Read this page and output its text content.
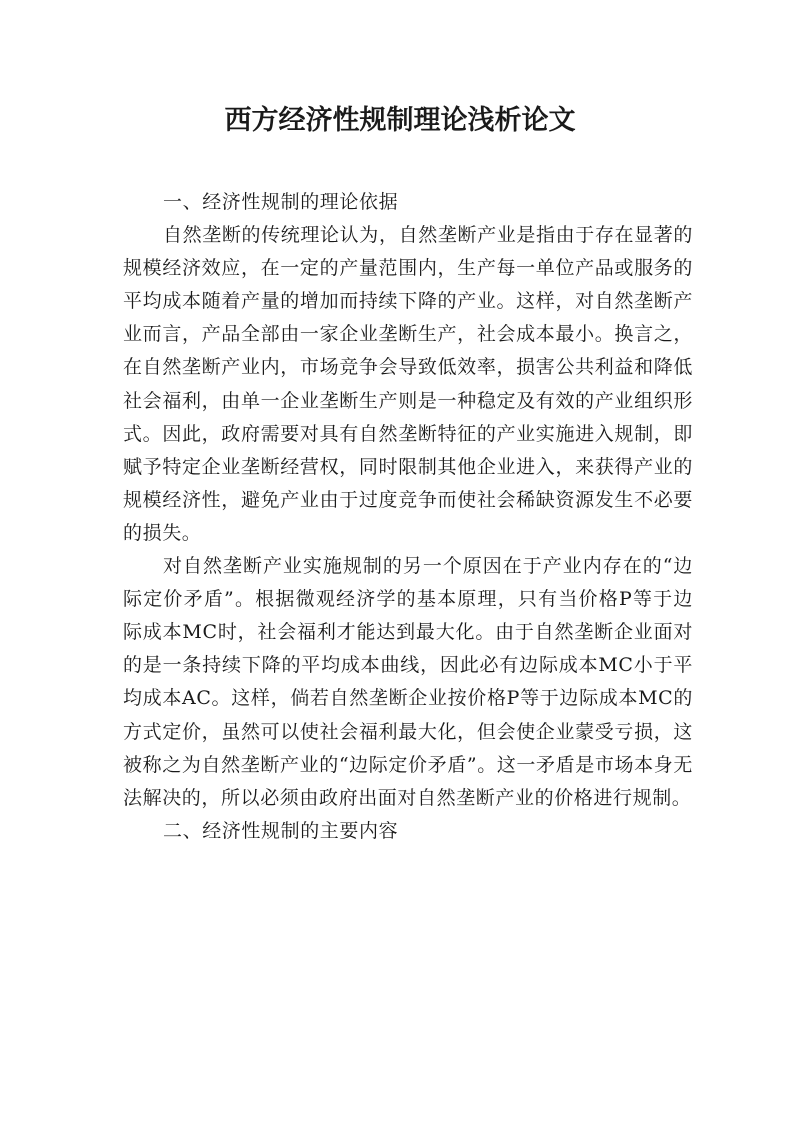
西方经济性规制理论浅析论文

一、经济性规制的理论依据

自然垄断的传统理论认为，自然垄断产业是指由于存在显著的规模经济效应，在一定的产量范围内，生产每一单位产品或服务的平均成本随着产量的增加而持续下降的产业。这样，对自然垄断产业而言，产品全部由一家企业垄断生产，社会成本最小。换言之，在自然垄断产业内，市场竞争会导致低效率，损害公共利益和降低社会福利，由单一企业垄断生产则是一种稳定及有效的产业组织形式。因此，政府需要对具有自然垄断特征的产业实施进入规制，即赋予特定企业垄断经营权，同时限制其他企业进入，来获得产业的规模经济性，避免产业由于过度竞争而使社会稀缺资源发生不必要的损失。

对自然垄断产业实施规制的另一个原因在于产业内存在的“边际定价矛盾”。根据微观经济学的基本原理，只有当价格P等于边际成本MC时，社会福利才能达到最大化。由于自然垄断企业面对的是一条持续下降的平均成本曲线，因此必有边际成本MC小于平均成本AC。这样，倘若自然垄断企业按价格P等于边际成本MC的方式定价，虽然可以使社会福利最大化，但会使企业蒙受亏损，这被称之为自然垄断产业的“边际定价矛盾”。这一矛盾是市场本身无法解决的，所以必须由政府出面对自然垄断产业的价格进行规制。

二、经济性规制的主要内容
